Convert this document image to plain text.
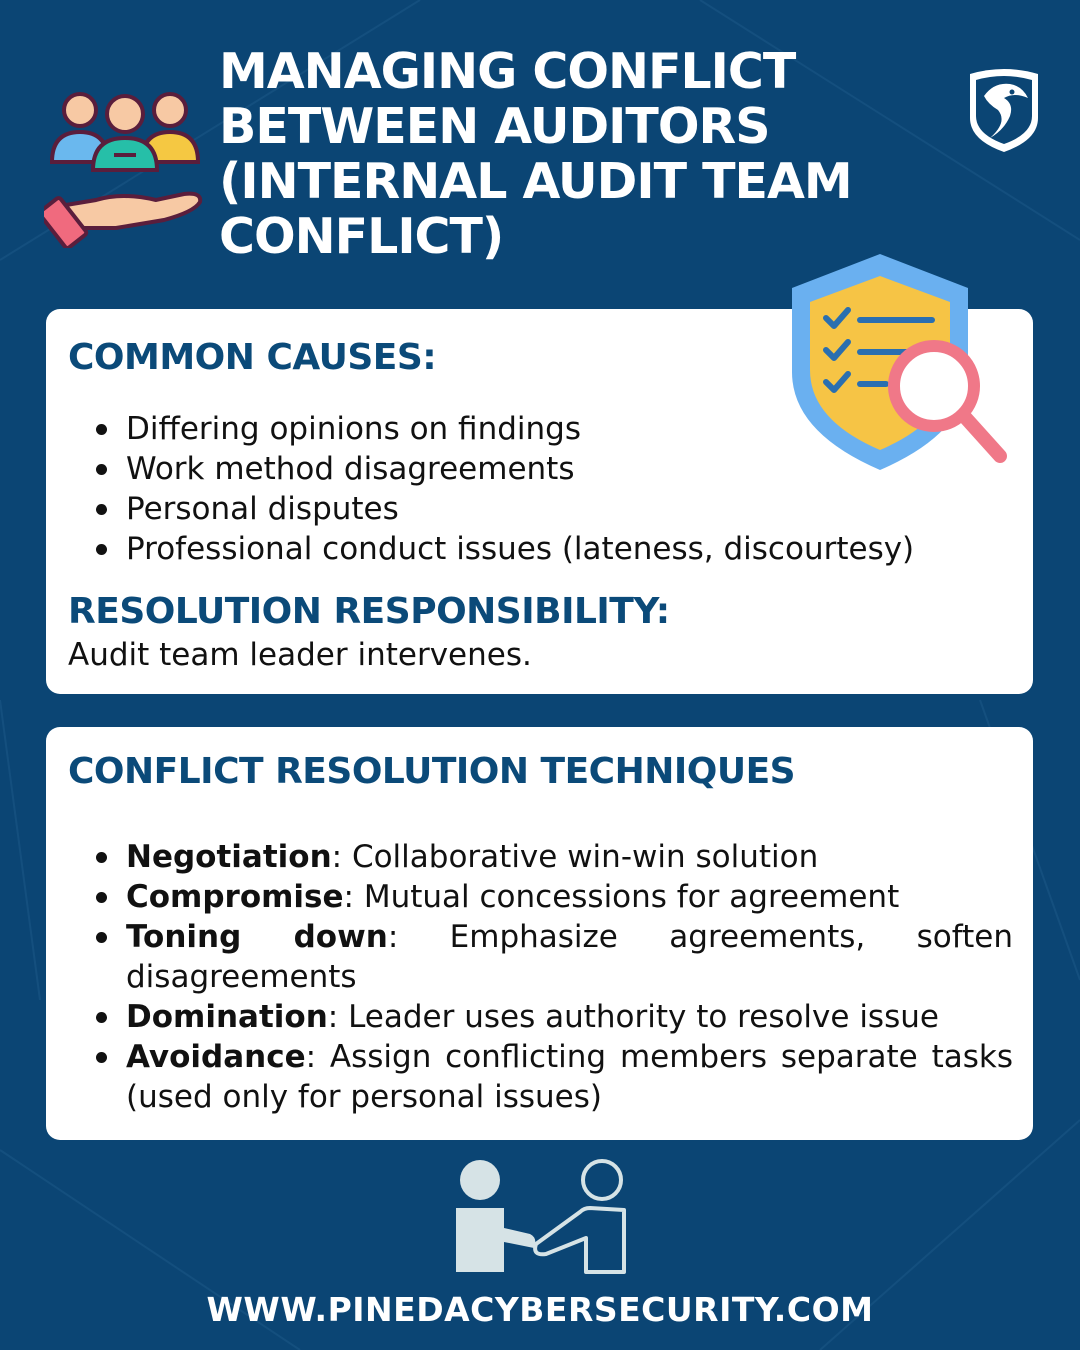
MANAGING CONFLICT
BETWEEN AUDITORS
(INTERNAL AUDIT TEAM
CONFLICT)
COMMON CAUSES:
Differing opinions on findings
Work method disagreements
Personal disputes
Professional conduct issues (lateness, discourtesy)
RESOLUTION RESPONSIBILITY:

Audit team leader intervenes.

CONFLICT RESOLUTION TECHNIQUES
Negotiation: Collaborative win-win solution
Compromise: Mutual concessions for agreement
Toning down: Emphasize agreements, soften disagreements
Domination: Leader uses authority to resolve issue
Avoidance: Assign conflicting members separate tasks (used only for personal issues)

WWW.PINEDACYBERSECURITY.COM
